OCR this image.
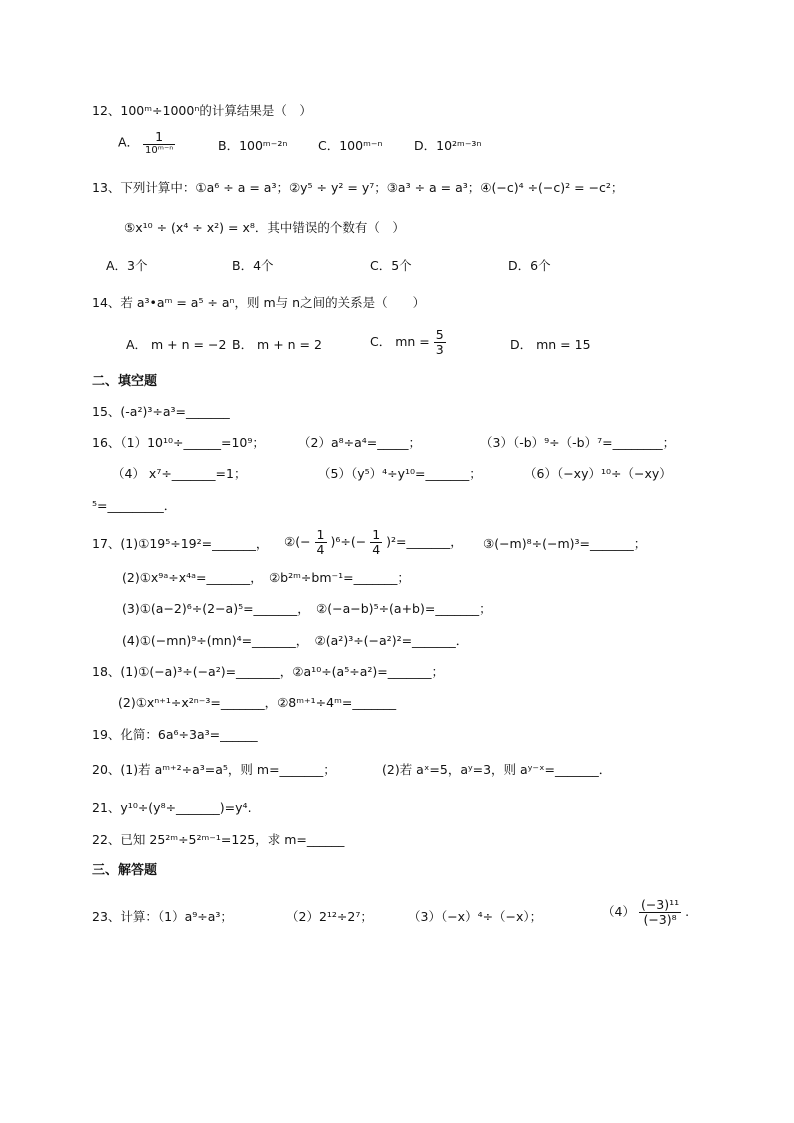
12、100ᵐ÷1000ⁿ的计算结果是（　）
A． $\frac{1}{\text{10ᵐ⁻ⁿ}}$	B．100ᵐ⁻²ⁿ C．100ᵐ⁻ⁿ	D．10²ᵐ⁻³ⁿ
13、下列计算中：①a⁶ ÷ a = a³；②y⁵ ÷ y² = y⁷；③a³ ÷ a = a³；④(−c)⁴ ÷(−c)² = −c²；
⑤x¹⁰ ÷ (x⁴ ÷ x²) = x⁸．其中错误的个数有（　）
A．3个	B．4个	C．5个	D．6个
14、若 a³•aᵐ = a⁵ ÷ aⁿ，则 m与 n之间的关系是（　　）
A． m + n = −2 B． m + n = 2	C． mn = $\frac{5}{3}$	D． mn = 15
二、填空题
15、(-a²)³÷a³=_______
16、（1）10¹⁰÷______=10⁹；	（2）a⁸÷a⁴=_____；	（3）（-b）⁹÷（-b）⁷=________；
（4） x⁷÷_______=1；	（5）（y⁵）⁴÷y¹⁰=_______；	（6）（−xy）¹⁰÷（−xy）
⁵=_________．
17、(1)①19⁵÷19²=_______， ②(− $\frac{1}{4} )^6\div(- \frac{1}{4}$ )²=_______， ③(−m)⁸÷(−m)³=_______；
(2)①x⁹ᵃ÷x⁴ᵃ=_______，　②b²ᵐ÷bm⁻¹=_______；
(3)①(a−2)⁶÷(2−a)⁵=_______，　②(−a−b)⁵÷(a+b)=_______；
(4)①(−mn)⁹÷(mn)⁴=_______，　②(a²)³÷(−a²)²=_______．
18、(1)①(−a)³÷(−a²)=_______，②a¹⁰÷(a⁵÷a²)=_______；
(2)①xⁿ⁺¹÷x²ⁿ⁻³=_______，②8ᵐ⁺¹÷4ᵐ=_______
19、化简：6a⁶÷3a³=______
20、(1)若 aᵐ⁺²÷a³=a⁵，则 m=_______；	(2)若 aˣ=5，aʸ=3，则 aʸ⁻ˣ=_______．
21、y¹⁰÷(y⁸÷_______)=y⁴.
22、已知 25²ᵐ÷5²ᵐ⁻¹=125，求 m=______
三、解答题
23、计算：（1）a⁹÷a³；	（2）2¹²÷2⁷；	（3）（−x）⁴÷（−x）；	$(4) \frac{\text{(−3)¹¹}}{\text{(−3)⁸}}$ .
